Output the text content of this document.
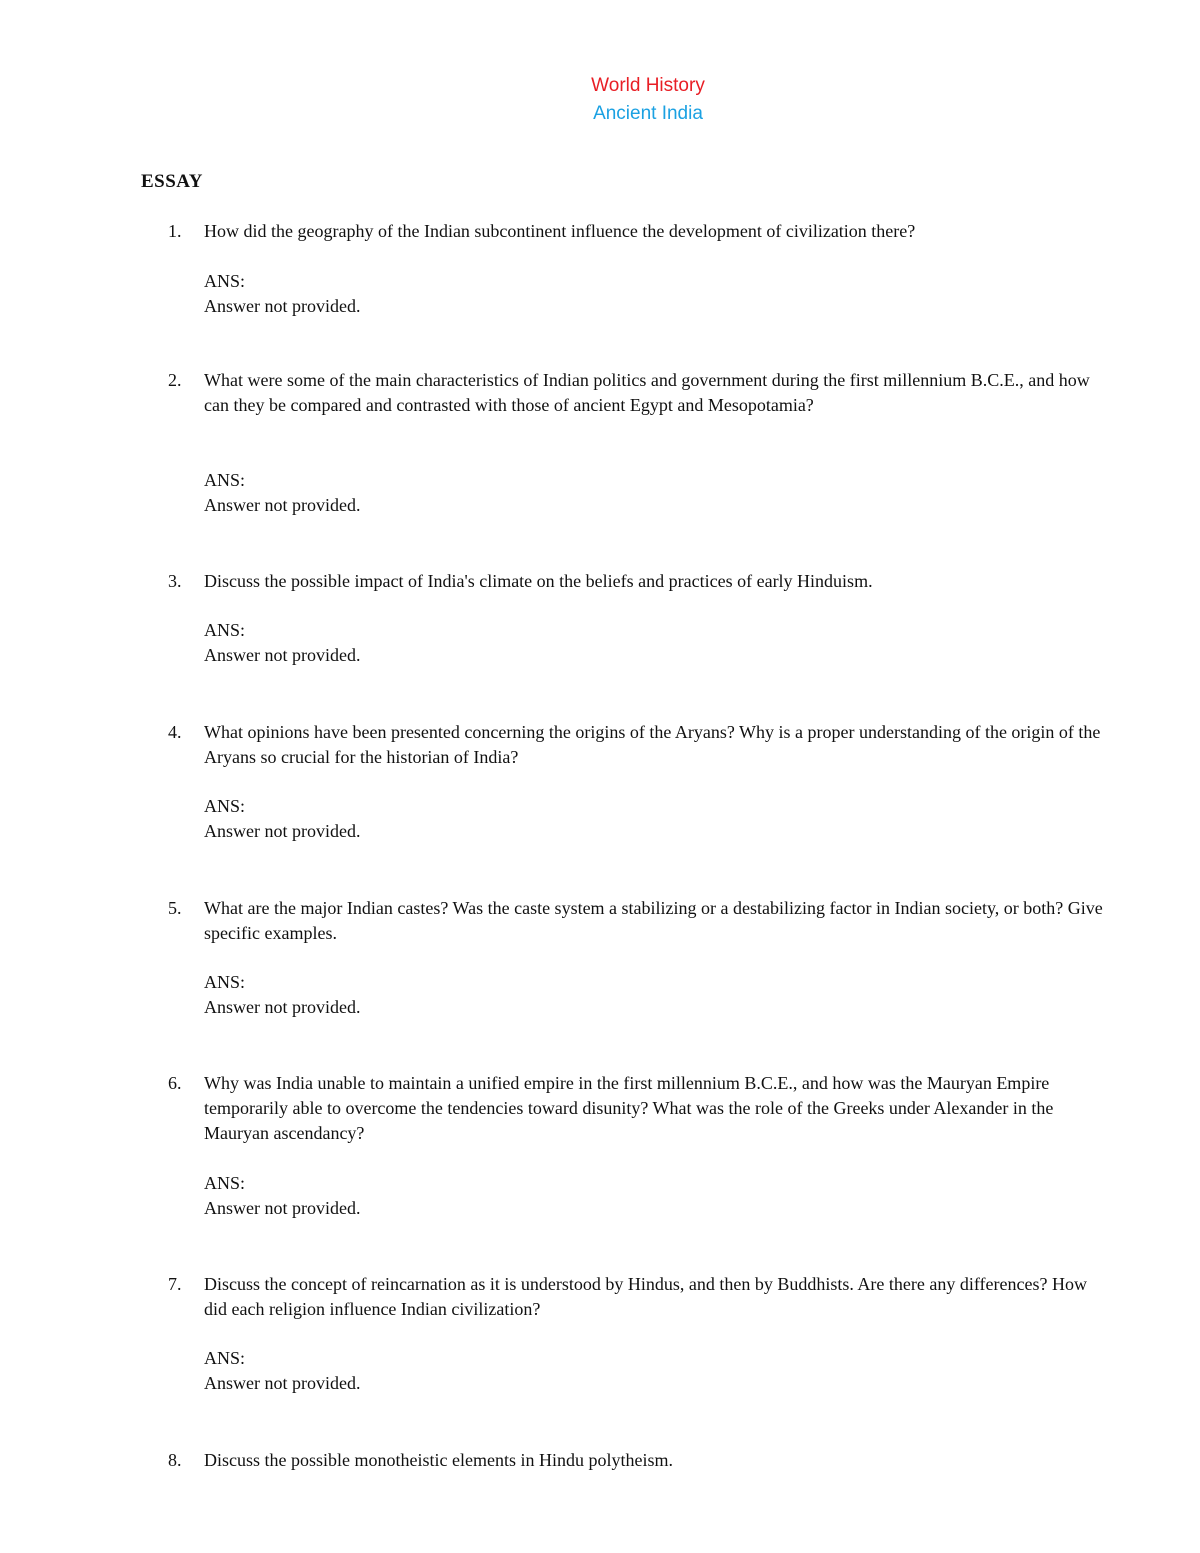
World History
Ancient India
ESSAY
1. How did the geography of the Indian subcontinent influence the development of civilization there?
ANS:
Answer not provided.
2. What were some of the main characteristics of Indian politics and government during the first millennium B.C.E., and how can they be compared and contrasted with those of ancient Egypt and Mesopotamia?
ANS:
Answer not provided.
3. Discuss the possible impact of India's climate on the beliefs and practices of early Hinduism.
ANS:
Answer not provided.
4. What opinions have been presented concerning the origins of the Aryans? Why is a proper understanding of the origin of the Aryans so crucial for the historian of India?
ANS:
Answer not provided.
5. What are the major Indian castes? Was the caste system a stabilizing or a destabilizing factor in Indian society, or both? Give specific examples.
ANS:
Answer not provided.
6. Why was India unable to maintain a unified empire in the first millennium B.C.E., and how was the Mauryan Empire temporarily able to overcome the tendencies toward disunity? What was the role of the Greeks under Alexander in the Mauryan ascendancy?
ANS:
Answer not provided.
7. Discuss the concept of reincarnation as it is understood by Hindus, and then by Buddhists. Are there any differences? How did each religion influence Indian civilization?
ANS:
Answer not provided.
8. Discuss the possible monotheistic elements in Hindu polytheism.
